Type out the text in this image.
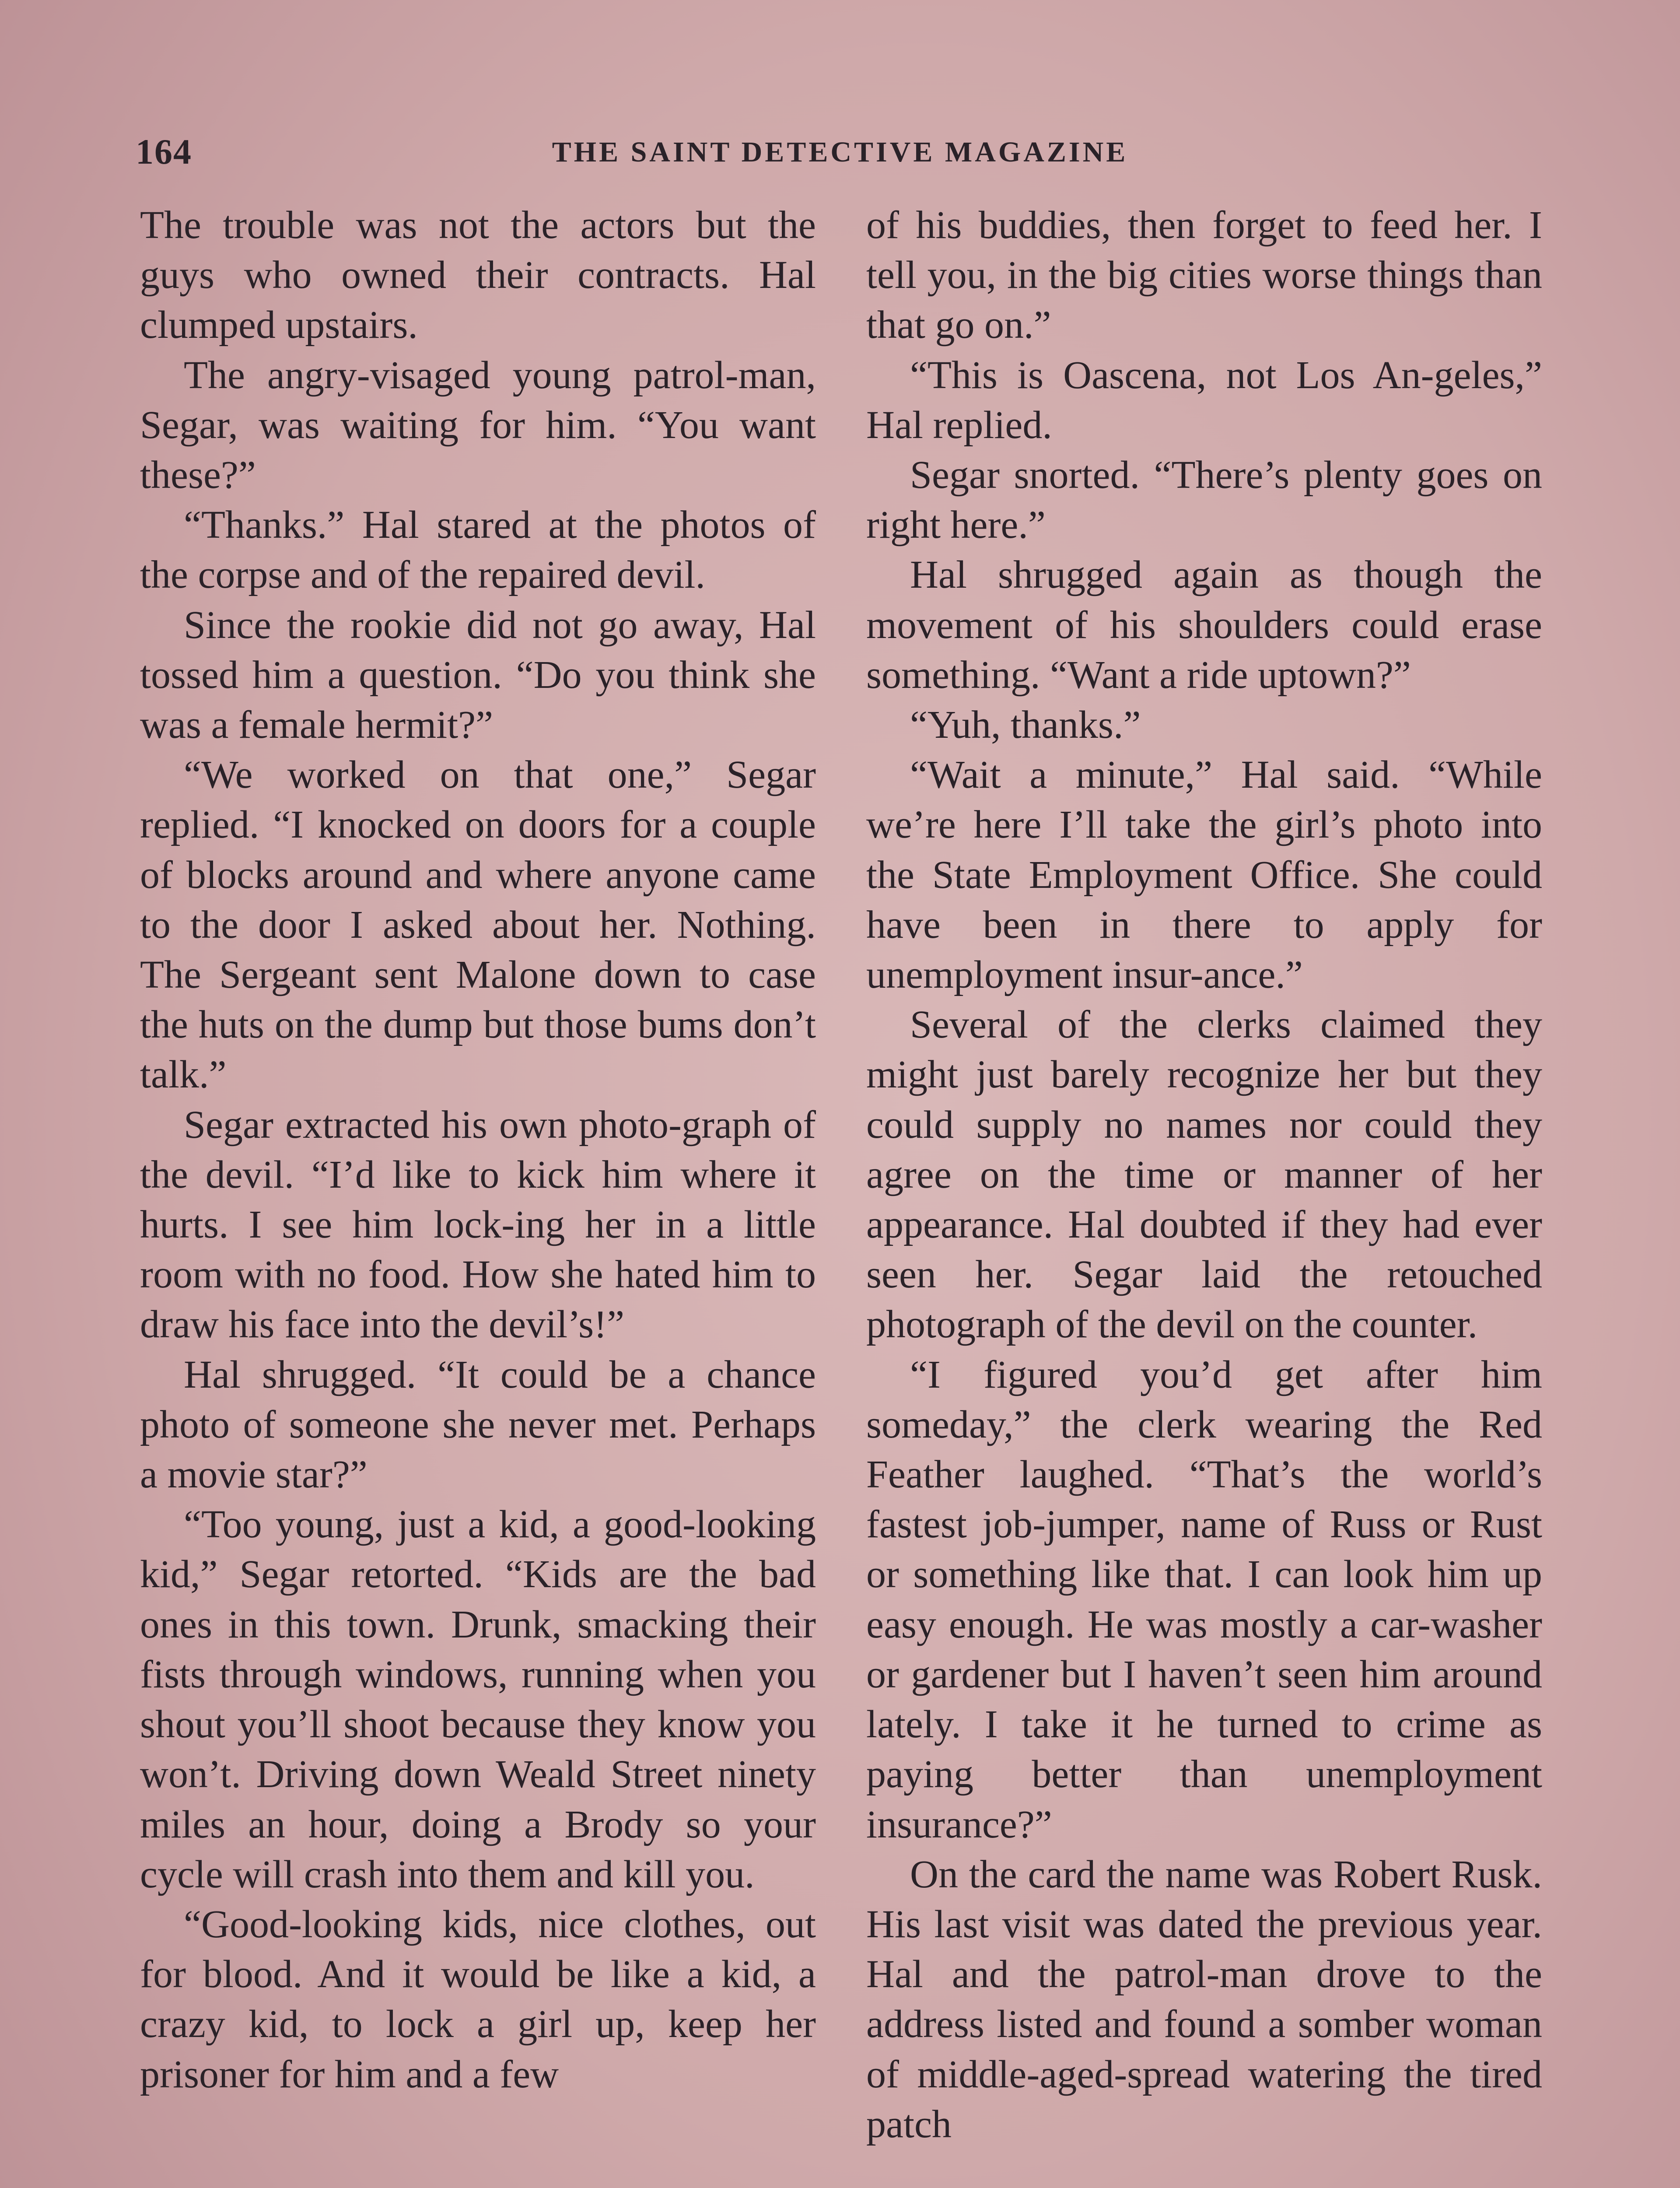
164	THE SAINT DETECTIVE MAGAZINE

The trouble was not the actors but the guys who owned their contracts. Hal clumped upstairs.

The angry-visaged young patrol-man, Segar, was waiting for him. “You want these?”

“Thanks.” Hal stared at the photos of the corpse and of the repaired devil.

Since the rookie did not go away, Hal tossed him a question. “Do you think she was a female hermit?”

“We worked on that one,” Segar replied. “I knocked on doors for a couple of blocks around and where anyone came to the door I asked about her. Nothing. The Sergeant sent Malone down to case the huts on the dump but those bums don’t talk.”

Segar extracted his own photo-graph of the devil. “I’d like to kick him where it hurts. I see him lock-ing her in a little room with no food. How she hated him to draw his face into the devil’s!”

Hal shrugged. “It could be a chance photo of someone she never met. Perhaps a movie star?”

“Too young, just a kid, a good-looking kid,” Segar retorted. “Kids are the bad ones in this town. Drunk, smacking their fists through windows, running when you shout you’ll shoot because they know you won’t. Driving down Weald Street ninety miles an hour, doing a Brody so your cycle will crash into them and kill you.

“Good-looking kids, nice clothes, out for blood. And it would be like a kid, a crazy kid, to lock a girl up, keep her prisoner for him and a few

of his buddies, then forget to feed her. I tell you, in the big cities worse things than that go on.”

“This is Oascena, not Los An-geles,” Hal replied.

Segar snorted. “There’s plenty goes on right here.”

Hal shrugged again as though the movement of his shoulders could erase something. “Want a ride uptown?”

“Yuh, thanks.”

“Wait a minute,” Hal said. “While we’re here I’ll take the girl’s photo into the State Employment Office. She could have been in there to apply for unemployment insur-ance.”

Several of the clerks claimed they might just barely recognize her but they could supply no names nor could they agree on the time or manner of her appearance. Hal doubted if they had ever seen her. Segar laid the retouched photograph of the devil on the counter.

“I figured you’d get after him someday,” the clerk wearing the Red Feather laughed. “That’s the world’s fastest job-jumper, name of Russ or Rust or something like that. I can look him up easy enough. He was mostly a car-washer or gardener but I haven’t seen him around lately. I take it he turned to crime as paying better than unemployment insurance?”

On the card the name was Robert Rusk. His last visit was dated the previous year. Hal and the patrol-man drove to the address listed and found a somber woman of middle-aged-spread watering the tired patch
